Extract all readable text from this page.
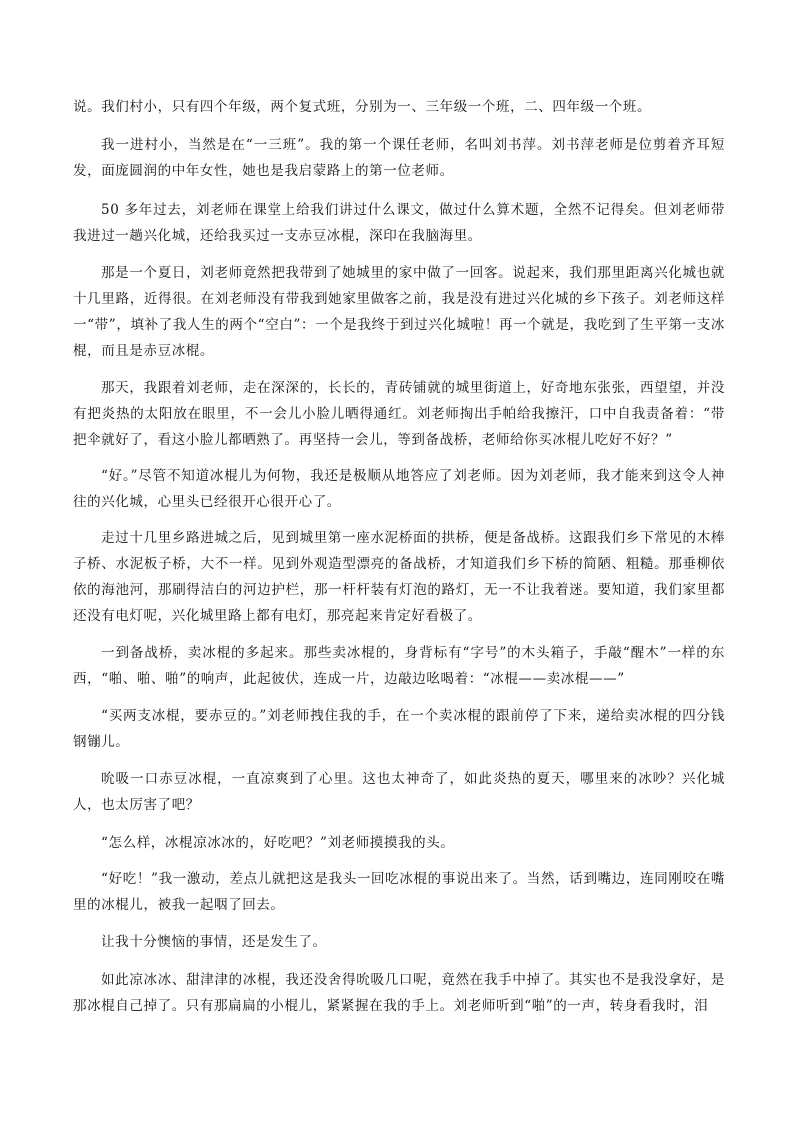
说。我们村小，只有四个年级，两个复式班，分别为一、三年级一个班，二、四年级一个班。

我一进村小，当然是在“一三班”。我的第一个课任老师，名叫刘书萍。刘书萍老师是位剪着齐耳短发，面庞圆润的中年女性，她也是我启蒙路上的第一位老师。

50 多年过去，刘老师在课堂上给我们讲过什么课文，做过什么算术题，全然不记得矣。但刘老师带我进过一趟兴化城，还给我买过一支赤豆冰棍，深印在我脑海里。

那是一个夏日，刘老师竟然把我带到了她城里的家中做了一回客。说起来，我们那里距离兴化城也就十几里路，近得很。在刘老师没有带我到她家里做客之前，我是没有进过兴化城的乡下孩子。刘老师这样一“带”，填补了我人生的两个“空白”：一个是我终于到过兴化城啦！再一个就是，我吃到了生平第一支冰棍，而且是赤豆冰棍。

那天，我跟着刘老师，走在深深的，长长的，青砖铺就的城里街道上，好奇地东张张，西望望，并没有把炎热的太阳放在眼里，不一会儿小脸儿晒得通红。刘老师掏出手帕给我擦汗，口中自我责备着：“带把伞就好了，看这小脸儿都晒熟了。再坚持一会儿，等到备战桥，老师给你买冰棍儿吃好不好？”

“好。”尽管不知道冰棍儿为何物，我还是极顺从地答应了刘老师。因为刘老师，我才能来到这令人神往的兴化城，心里头已经很开心很开心了。

走过十几里乡路进城之后，见到城里第一座水泥桥面的拱桥，便是备战桥。这跟我们乡下常见的木棒子桥、水泥板子桥，大不一样。见到外观造型漂亮的备战桥，才知道我们乡下桥的简陋、粗糙。那垂柳依依的海池河，那刷得洁白的河边护栏，那一杆杆装有灯泡的路灯，无一不让我着迷。要知道，我们家里都还没有电灯呢，兴化城里路上都有电灯，那亮起来肯定好看极了。

一到备战桥，卖冰棍的多起来。那些卖冰棍的，身背标有“字号”的木头箱子，手敲“醒木”一样的东西，“啪、啪、啪”的响声，此起彼伏，连成一片，边敲边吆喝着：“冰棍——卖冰棍——”

“买两支冰棍，要赤豆的。”刘老师拽住我的手，在一个卖冰棍的跟前停了下来，递给卖冰棍的四分钱钢镚儿。

吮吸一口赤豆冰棍，一直凉爽到了心里。这也太神奇了，如此炎热的夏天，哪里来的冰吵？兴化城人，也太厉害了吧？

“怎么样，冰棍凉冰冰的，好吃吧？”刘老师摸摸我的头。

“好吃！”我一激动，差点儿就把这是我头一回吃冰棍的事说出来了。当然，话到嘴边，连同刚咬在嘴里的冰棍儿，被我一起咽了回去。

让我十分懊恼的事情，还是发生了。

如此凉冰冰、甜津津的冰棍，我还没舍得吮吸几口呢，竟然在我手中掉了。其实也不是我没拿好，是那冰棍自己掉了。只有那扁扁的小棍儿，紧紧握在我的手上。刘老师听到“啪”的一声，转身看我时，泪
